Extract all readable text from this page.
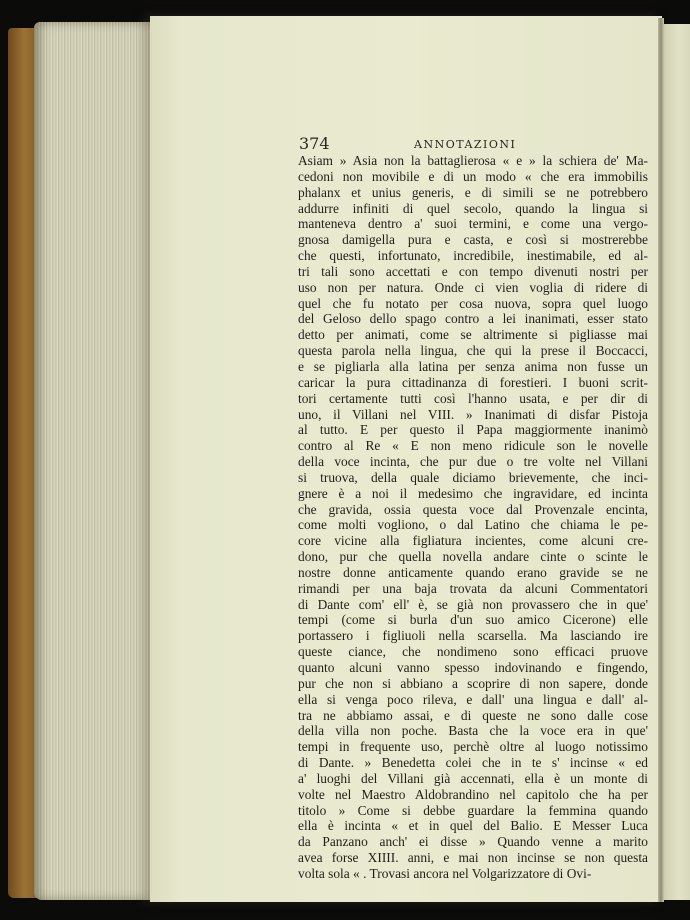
374	ANNOTAZIONI
Asiam » Asia non la battaglierosa « e » la schiera de' Ma-
cedoni non movibile e di un modo « che era immobilis
phalanx et unius generis, e di simili se ne potrebbero
addurre infiniti di quel secolo, quando la lingua si
manteneva dentro a' suoi termini, e come una vergo-
gnosa damigella pura e casta, e così si mostrerebbe
che questi, infortunato, incredibile, inestimabile, ed al-
tri tali sono accettati e con tempo divenuti nostri per
uso non per natura. Onde ci vien voglia di ridere di
quel che fu notato per cosa nuova, sopra quel luogo
del Geloso dello spago contro a lei inanimati, esser stato
detto per animati, come se altrimente si pigliasse mai
questa parola nella lingua, che qui la prese il Boccacci,
e se pigliarla alla latina per senza anima non fusse un
caricar la pura cittadinanza di forestieri. I buoni scrit-
tori certamente tutti così l'hanno usata, e per dir di
uno, il Villani nel VIII. » Inanimati di disfar Pistoja
al tutto. E per questo il Papa maggiormente inanimò
contro al Re « E non meno ridicule son le novelle
della voce incinta, che pur due o tre volte nel Villani
si truova, della quale diciamo brievemente, che inci-
gnere è a noi il medesimo che ingravidare, ed incinta
che gravida, ossia questa voce dal Provenzale encinta,
come molti vogliono, o dal Latino che chiama le pe-
core vicine alla figliatura incientes, come alcuni cre-
dono, pur che quella novella andare cinte o scinte le
nostre donne anticamente quando erano gravide se ne
rimandi per una baja trovata da alcuni Commentatori
di Dante com' ell' è, se già non provassero che in que'
tempi (come si burla d'un suo amico Cicerone) elle
portassero i figliuoli nella scarsella. Ma lasciando ire
queste ciance, che nondimeno sono efficaci pruove
quanto alcuni vanno spesso indovinando e fingendo,
pur che non si abbiano a scoprire di non sapere, donde
ella si venga poco rileva, e dall' una lingua e dall' al-
tra ne abbiamo assai, e di queste ne sono dalle cose
della villa non poche. Basta che la voce era in que'
tempi in frequente uso, perchè oltre al luogo notissimo
di Dante. » Benedetta colei che in te s' incinse « ed
a' luoghi del Villani già accennati, ella è un monte di
volte nel Maestro Aldobrandino nel capitolo che ha per
titolo » Come si debbe guardare la femmina quando
ella è incinta « et in quel del Balio. E Messer Luca
da Panzano anch' ei disse » Quando venne a marito
avea forse XIIII. anni, e mai non incinse se non questa
volta sola « . Trovasi ancora nel Volgarizzatore di Ovi-
